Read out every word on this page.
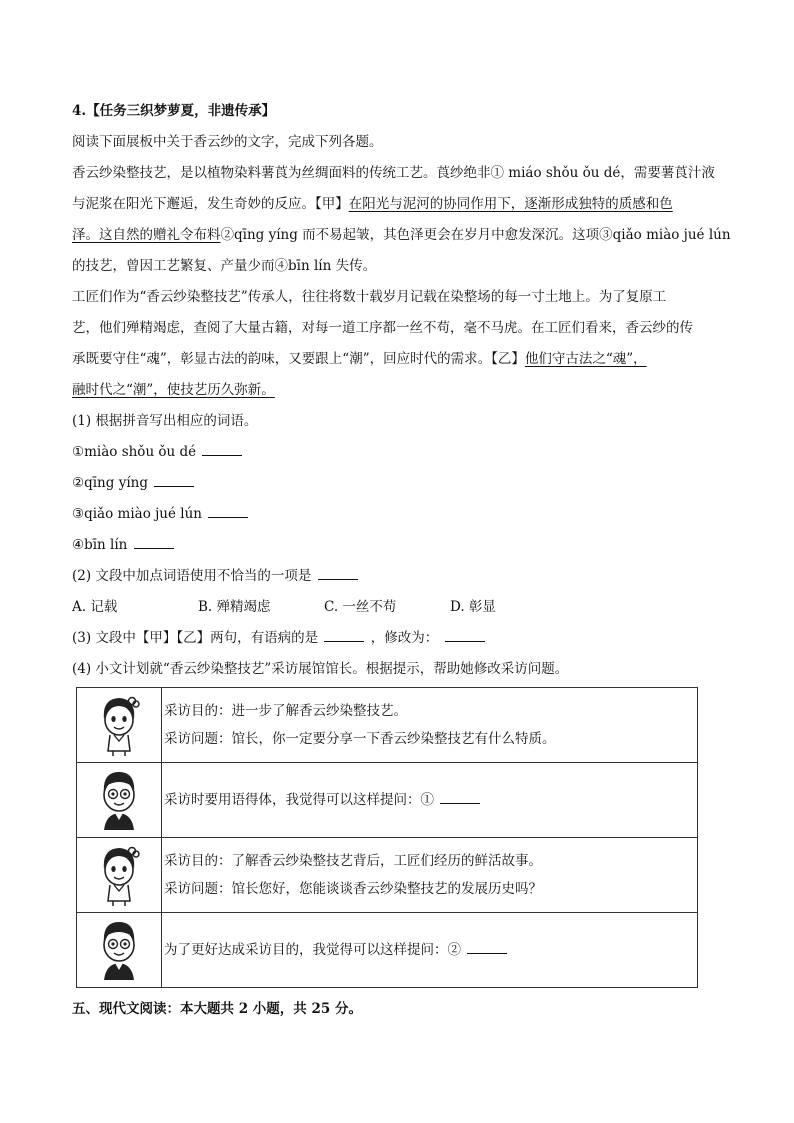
4.【任务三织梦萝夏，非遗传承】
阅读下面展板中关于香云纱的文字，完成下列各题。
香云纱染整技艺，是以植物染料薯莨为丝绸面料的传统工艺。莨纱绝非① miáo shǒu ǒu dé，需要薯莨汁液
与泥浆在阳光下邂逅，发生奇妙的反应。【甲】在阳光与泥河的协同作用下，逐渐形成独特的质感和色
泽。这自然的赠礼令布料②qīng yíng 而不易起皱，其色泽更会在岁月中愈发深沉。这项③qiǎo miào jué lún
的技艺，曾因工艺繁复、产量少而④bīn lín 失传。
工匠们作为“香云纱染整技艺”传承人，往往将数十载岁月记载在染整场的每一寸土地上。为了复原工
艺，他们殚精竭虑，查阅了大量古籍，对每一道工序都一丝不苟，毫不马虎。在工匠们看来，香云纱的传
承既要守住“魂”，彰显古法的韵味，又要跟上“潮”，回应时代的需求。【乙】他们守古法之“魂”，
融时代之“潮”，使技艺历久弥新。
(1) 根据拼音写出相应的词语。
①miào shǒu ǒu dé
②qīng yíng
③qiǎo miào jué lún
④bīn lín
(2) 文段中加点词语使用不恰当的一项是
A. 记载	B. 殚精竭虑	C. 一丝不苟	D. 彰显
(3) 文段中【甲】【乙】两句，有语病的是	，修改为：
(4) 小文计划就“香云纱染整技艺”采访展馆馆长。根据提示，帮助她修改采访问题。

采访目的：进一步了解香云纱染整技艺。
采访问题：馆长，你一定要分享一下香云纱染整技艺有什么特质。

	采访时要用语得体，我觉得可以这样提问：①

采访目的：了解香云纱染整技艺背后，工匠们经历的鲜活故事。
采访问题：馆长您好，您能谈谈香云纱染整技艺的发展历史吗？

	为了更好达成采访目的，我觉得可以这样提问：②
五、现代文阅读：本大题共 2 小题，共 25 分。
